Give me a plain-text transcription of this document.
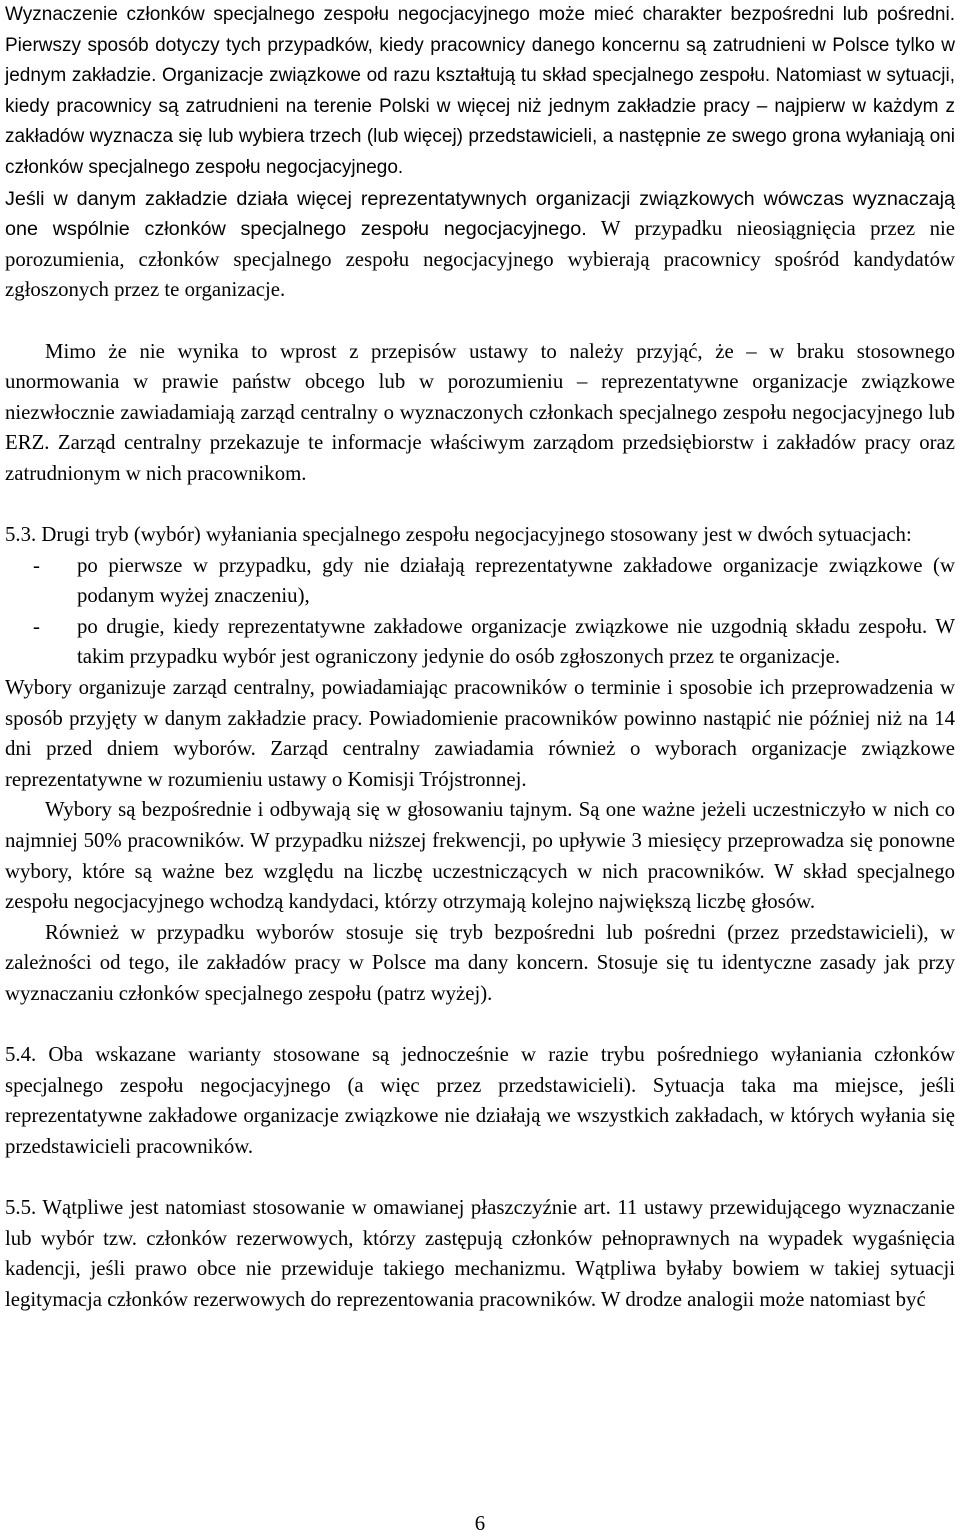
Wyznaczenie członków specjalnego zespołu negocjacyjnego może mieć charakter bezpośredni lub pośredni. Pierwszy sposób dotyczy tych przypadków, kiedy pracownicy danego koncernu są zatrudnieni w Polsce tylko w jednym zakładzie. Organizacje związkowe od razu kształtują tu skład specjalnego zespołu. Natomiast w sytuacji, kiedy pracownicy są zatrudnieni na terenie Polski w więcej niż jednym zakładzie pracy – najpierw w każdym z zakładów wyznacza się lub wybiera trzech (lub więcej) przedstawicieli, a następnie ze swego grona wyłaniają oni członków specjalnego zespołu negocjacyjnego.

Jeśli w danym zakładzie działa więcej reprezentatywnych organizacji związkowych wówczas wyznaczają one wspólnie członków specjalnego zespołu negocjacyjnego. W przypadku nieosiągnięcia przez nie porozumienia, członków specjalnego zespołu negocjacyjnego wybierają pracownicy spośród kandydatów zgłoszonych przez te organizacje.

Mimo że nie wynika to wprost z przepisów ustawy to należy przyjąć, że – w braku stosownego unormowania w prawie państw obcego lub w porozumieniu – reprezentatywne organizacje związkowe niezwłocznie zawiadamiają zarząd centralny o wyznaczonych członkach specjalnego zespołu negocjacyjnego lub ERZ. Zarząd centralny przekazuje te informacje właściwym zarządom przedsiębiorstw i zakładów pracy oraz zatrudnionym w nich pracownikom.

5.3. Drugi tryb (wybór) wyłaniania specjalnego zespołu negocjacyjnego stosowany jest w dwóch sytuacjach:

-	po pierwsze w przypadku, gdy nie działają reprezentatywne zakładowe organizacje związkowe (w podanym wyżej znaczeniu),
-	po drugie, kiedy reprezentatywne zakładowe organizacje związkowe nie uzgodnią składu zespołu. W takim przypadku wybór jest ograniczony jedynie do osób zgłoszonych przez te organizacje.

Wybory organizuje zarząd centralny, powiadamiając pracowników o terminie i sposobie ich przeprowadzenia w sposób przyjęty w danym zakładzie pracy. Powiadomienie pracowników powinno nastąpić nie później niż na 14 dni przed dniem wyborów. Zarząd centralny zawiadamia również o wyborach organizacje związkowe reprezentatywne w rozumieniu ustawy o Komisji Trójstronnej.

Wybory są bezpośrednie i odbywają się w głosowaniu tajnym. Są one ważne jeżeli uczestniczyło w nich co najmniej 50% pracowników. W przypadku niższej frekwencji, po upływie 3 miesięcy przeprowadza się ponowne wybory, które są ważne bez względu na liczbę uczestniczących w nich pracowników. W skład specjalnego zespołu negocjacyjnego wchodzą kandydaci, którzy otrzymają kolejno największą liczbę głosów.

Również w przypadku wyborów stosuje się tryb bezpośredni lub pośredni (przez przedstawicieli), w zależności od tego, ile zakładów pracy w Polsce ma dany koncern. Stosuje się tu identyczne zasady jak przy wyznaczaniu członków specjalnego zespołu (patrz wyżej).

5.4. Oba wskazane warianty stosowane są jednocześnie w razie trybu pośredniego wyłaniania członków specjalnego zespołu negocjacyjnego (a więc przez przedstawicieli). Sytuacja taka ma miejsce, jeśli reprezentatywne zakładowe organizacje związkowe nie działają we wszystkich zakładach, w których wyłania się przedstawicieli pracowników.

5.5. Wątpliwe jest natomiast stosowanie w omawianej płaszczyźnie art. 11 ustawy przewidującego wyznaczanie lub wybór tzw. członków rezerwowych, którzy zastępują członków pełnoprawnych na wypadek wygaśnięcia kadencji, jeśli prawo obce nie przewiduje takiego mechanizmu. Wątpliwa byłaby bowiem w takiej sytuacji legitymacja członków rezerwowych do reprezentowania pracowników. W drodze analogii może natomiast być

6
